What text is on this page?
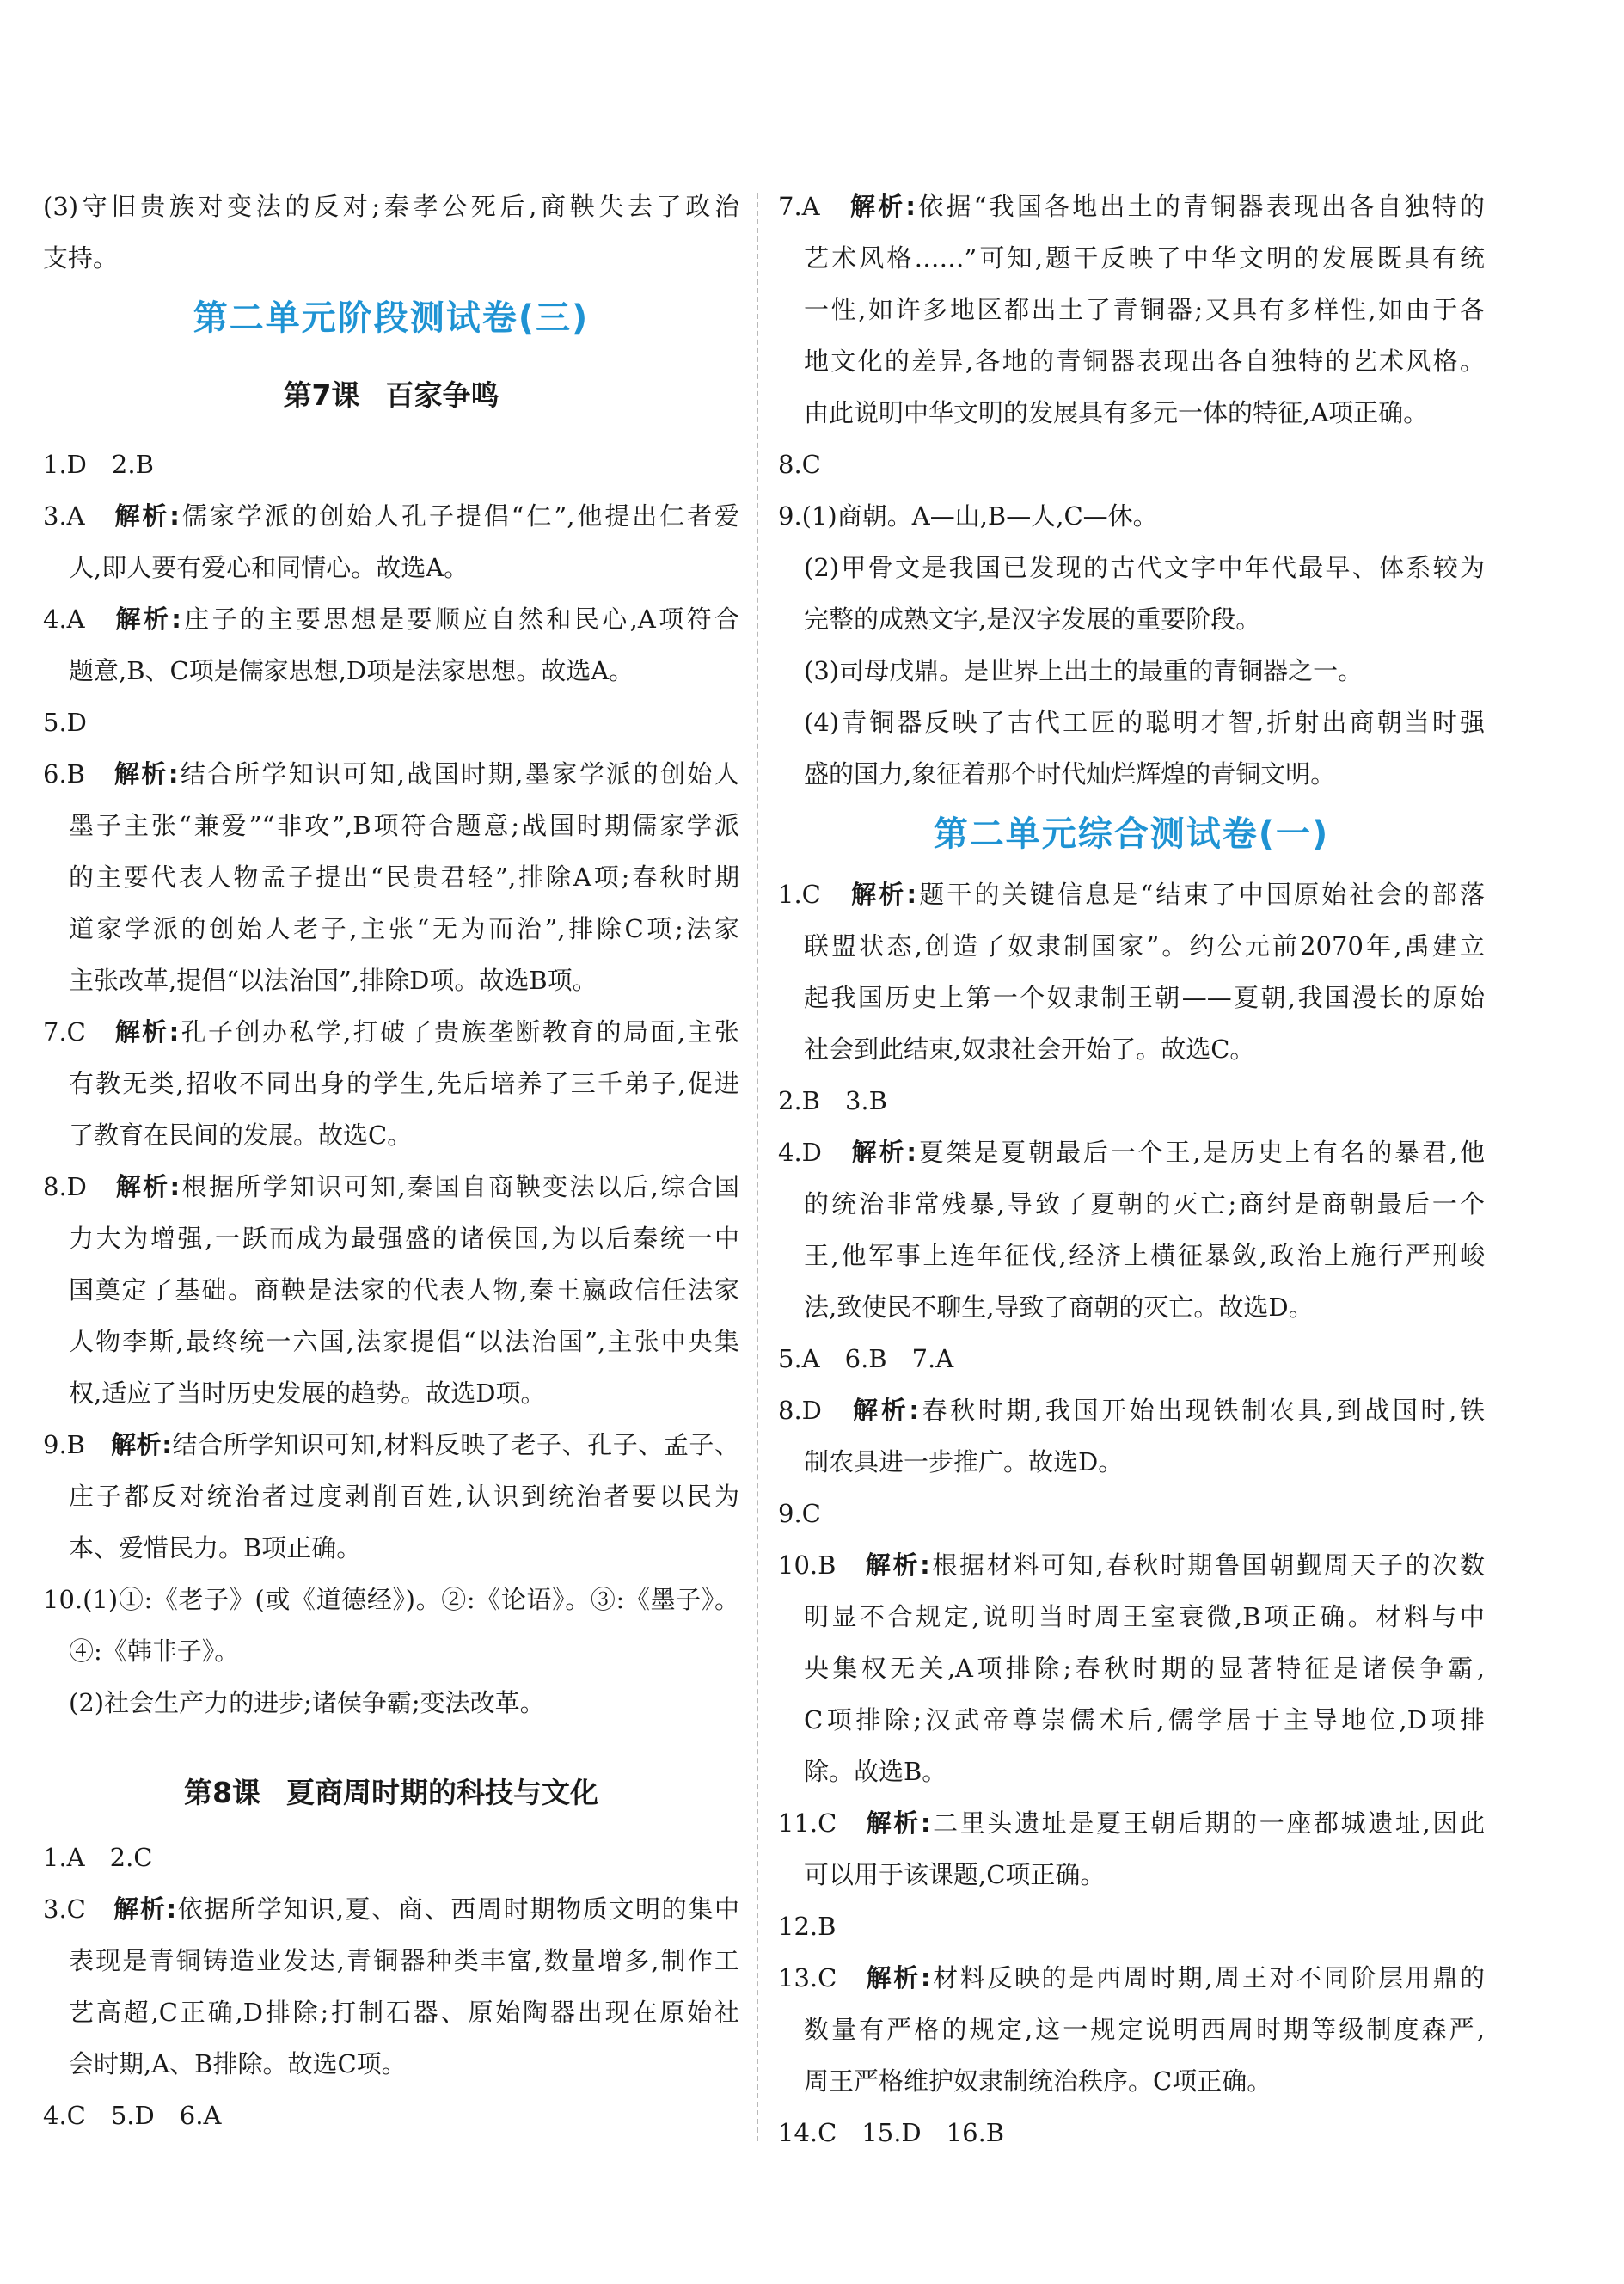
(3)守旧贵族对变法的反对;秦孝公死后,商鞅失去了政治
支持。
第二单元阶段测试卷(三)
第7课 百家争鸣
1.D　2.B
3.A　 解析:儒家学派的创始人孔子提倡“仁”,他提出仁者爱
人,即人要有爱心和同情心。故选A。
4.A　 解析:庄子的主要思想是要顺应自然和民心,A项符合
题意,B、C项是儒家思想,D项是法家思想。故选A。
5.D
6.B　 解析:结合所学知识可知,战国时期,墨家学派的创始人
墨子主张“兼爱”“非攻”,B项符合题意;战国时期儒家学派
的主要代表人物孟子提出“民贵君轻”,排除A项;春秋时期
道家学派的创始人老子,主张“无为而治”,排除C项;法家
主张改革,提倡“以法治国”,排除D项。故选B项。
7.C　 解析:孔子创办私学,打破了贵族垄断教育的局面,主张
有教无类,招收不同出身的学生,先后培养了三千弟子,促进
了教育在民间的发展。故选C。
8.D　 解析:根据所学知识可知,秦国自商鞅变法以后,综合国
力大为增强,一跃而成为最强盛的诸侯国,为以后秦统一中
国奠定了基础。商鞅是法家的代表人物,秦王嬴政信任法家
人物李斯,最终统一六国,法家提倡“以法治国”,主张中央集
权,适应了当时历史发展的趋势。故选D项。
9.B　 解析:结合所学知识可知,材料反映了老子、孔子、孟子、
庄子都反对统治者过度剥削百姓,认识到统治者要以民为
本、爱惜民力。B项正确。
10.(1)①:《老子》(或《道德经》)。②:《论语》。③:《墨子》。
④:《韩非子》。
(2)社会生产力的进步;诸侯争霸;变法改革。
第8课 夏商周时期的科技与文化
1.A　2.C
3.C　 解析:依据所学知识,夏、商、西周时期物质文明的集中
表现是青铜铸造业发达,青铜器种类丰富,数量增多,制作工
艺高超,C正确,D排除;打制石器、原始陶器出现在原始社
会时期,A、B排除。故选C项。
4.C　5.D　6.A
7.A　 解析:依据“我国各地出土的青铜器表现出各自独特的
艺术风格……”可知,题干反映了中华文明的发展既具有统
一性,如许多地区都出土了青铜器;又具有多样性,如由于各
地文化的差异,各地的青铜器表现出各自独特的艺术风格。
由此说明中华文明的发展具有多元一体的特征,A项正确。
8.C
9.(1)商朝。A—山,B—人,C—休。
(2)甲骨文是我国已发现的古代文字中年代最早、体系较为
完整的成熟文字,是汉字发展的重要阶段。
(3)司母戊鼎。是世界上出土的最重的青铜器之一。
(4)青铜器反映了古代工匠的聪明才智,折射出商朝当时强
盛的国力,象征着那个时代灿烂辉煌的青铜文明。
第二单元综合测试卷(一)
1.C　 解析:题干的关键信息是“结束了中国原始社会的部落
联盟状态,创造了奴隶制国家”。约公元前2070年,禹建立
起我国历史上第一个奴隶制王朝——夏朝,我国漫长的原始
社会到此结束,奴隶社会开始了。故选C。
2.B　3.B
4.D　 解析:夏桀是夏朝最后一个王,是历史上有名的暴君,他
的统治非常残暴,导致了夏朝的灭亡;商纣是商朝最后一个
王,他军事上连年征伐,经济上横征暴敛,政治上施行严刑峻
法,致使民不聊生,导致了商朝的灭亡。故选D。
5.A　6.B　7.A
8.D　 解析:春秋时期,我国开始出现铁制农具,到战国时,铁
制农具进一步推广。故选D。
9.C
10.B　 解析:根据材料可知,春秋时期鲁国朝觐周天子的次数
明显不合规定,说明当时周王室衰微,B项正确。材料与中
央集权无关,A项排除;春秋时期的显著特征是诸侯争霸,
C项排除;汉武帝尊崇儒术后,儒学居于主导地位,D项排
除。故选B。
11.C　 解析:二里头遗址是夏王朝后期的一座都城遗址,因此
可以用于该课题,C项正确。
12.B
13.C　 解析:材料反映的是西周时期,周王对不同阶层用鼎的
数量有严格的规定,这一规定说明西周时期等级制度森严,
周王严格维护奴隶制统治秩序。C项正确。
14.C　15.D　16.B
